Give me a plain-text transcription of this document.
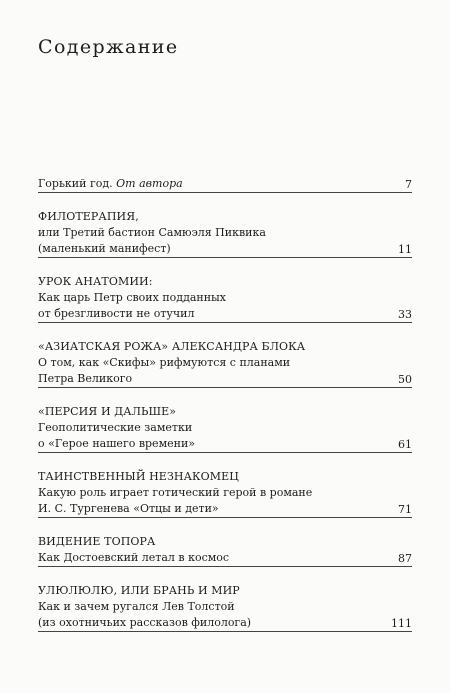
Содержание
Горький год. От автора	7
ФИЛОТЕРАПИЯ,
или Третий бастион Самюэля Пиквика
(маленький манифест)	11
УРОК АНАТОМИИ:
Как царь Петр своих подданных
от брезгливости не отучил	33
«АЗИАТСКАЯ РОЖА» АЛЕКСАНДРА БЛОКА
О том, как «Скифы» рифмуются с планами
Петра Великого	50
«ПЕРСИЯ И ДАЛЬШЕ»
Геополитические заметки
о «Герое нашего времени»	61
ТАИНСТВЕННЫЙ НЕЗНАКОМЕЦ
Какую роль играет готический герой в романе
И. С. Тургенева «Отцы и дети»	71
ВИДЕНИЕ ТОПОРА
Как Достоевский летал в космос	87
УЛЮЛЮЛЮ, ИЛИ БРАНЬ И МИР
Как и зачем ругался Лев Толстой
(из охотничьих рассказов филолога)	111
